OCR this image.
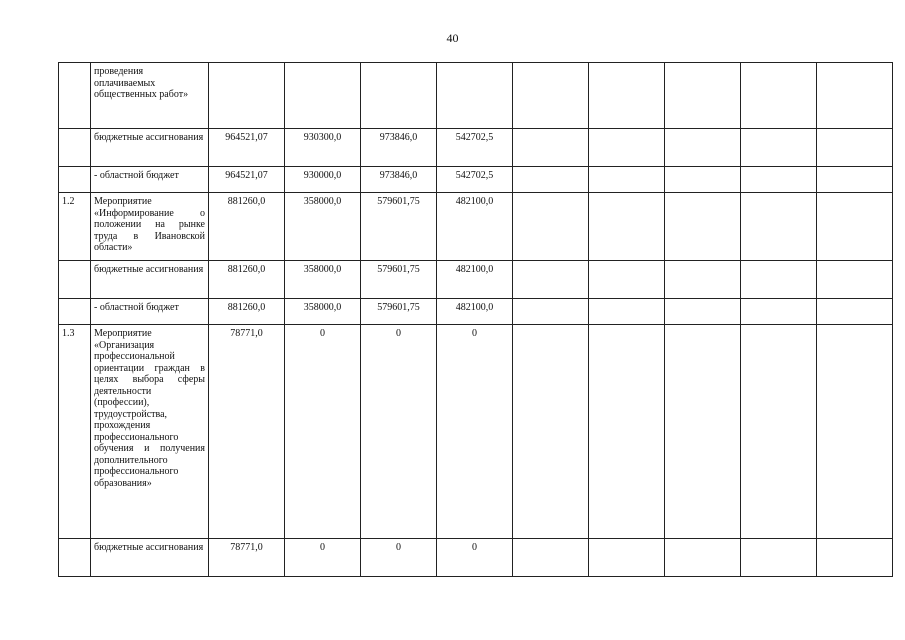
40
	проведения оплачиваемых общественных работ»									
	бюджетные ассигнования	964521,07	930300,0	973846,0	542702,5					
	- областной бюджет	964521,07	930000,0	973846,0	542702,5					
1.2	Мероприятие «Информирование о положении на рынке труда в Ивановской области»	881260,0	358000,0	579601,75	482100,0					
	бюджетные ассигнования	881260,0	358000,0	579601,75	482100,0					
	- областной бюджет	881260,0	358000,0	579601,75	482100,0					
1.3	Мероприятие «Организация профессиональной ориентации граждан в целях выбора сферы деятельности (профессии), трудоустройства, прохождения профессионального обучения и получения дополнительного профессионального образования»	78771,0	0	0	0					
	бюджетные ассигнования	78771,0	0	0	0					
